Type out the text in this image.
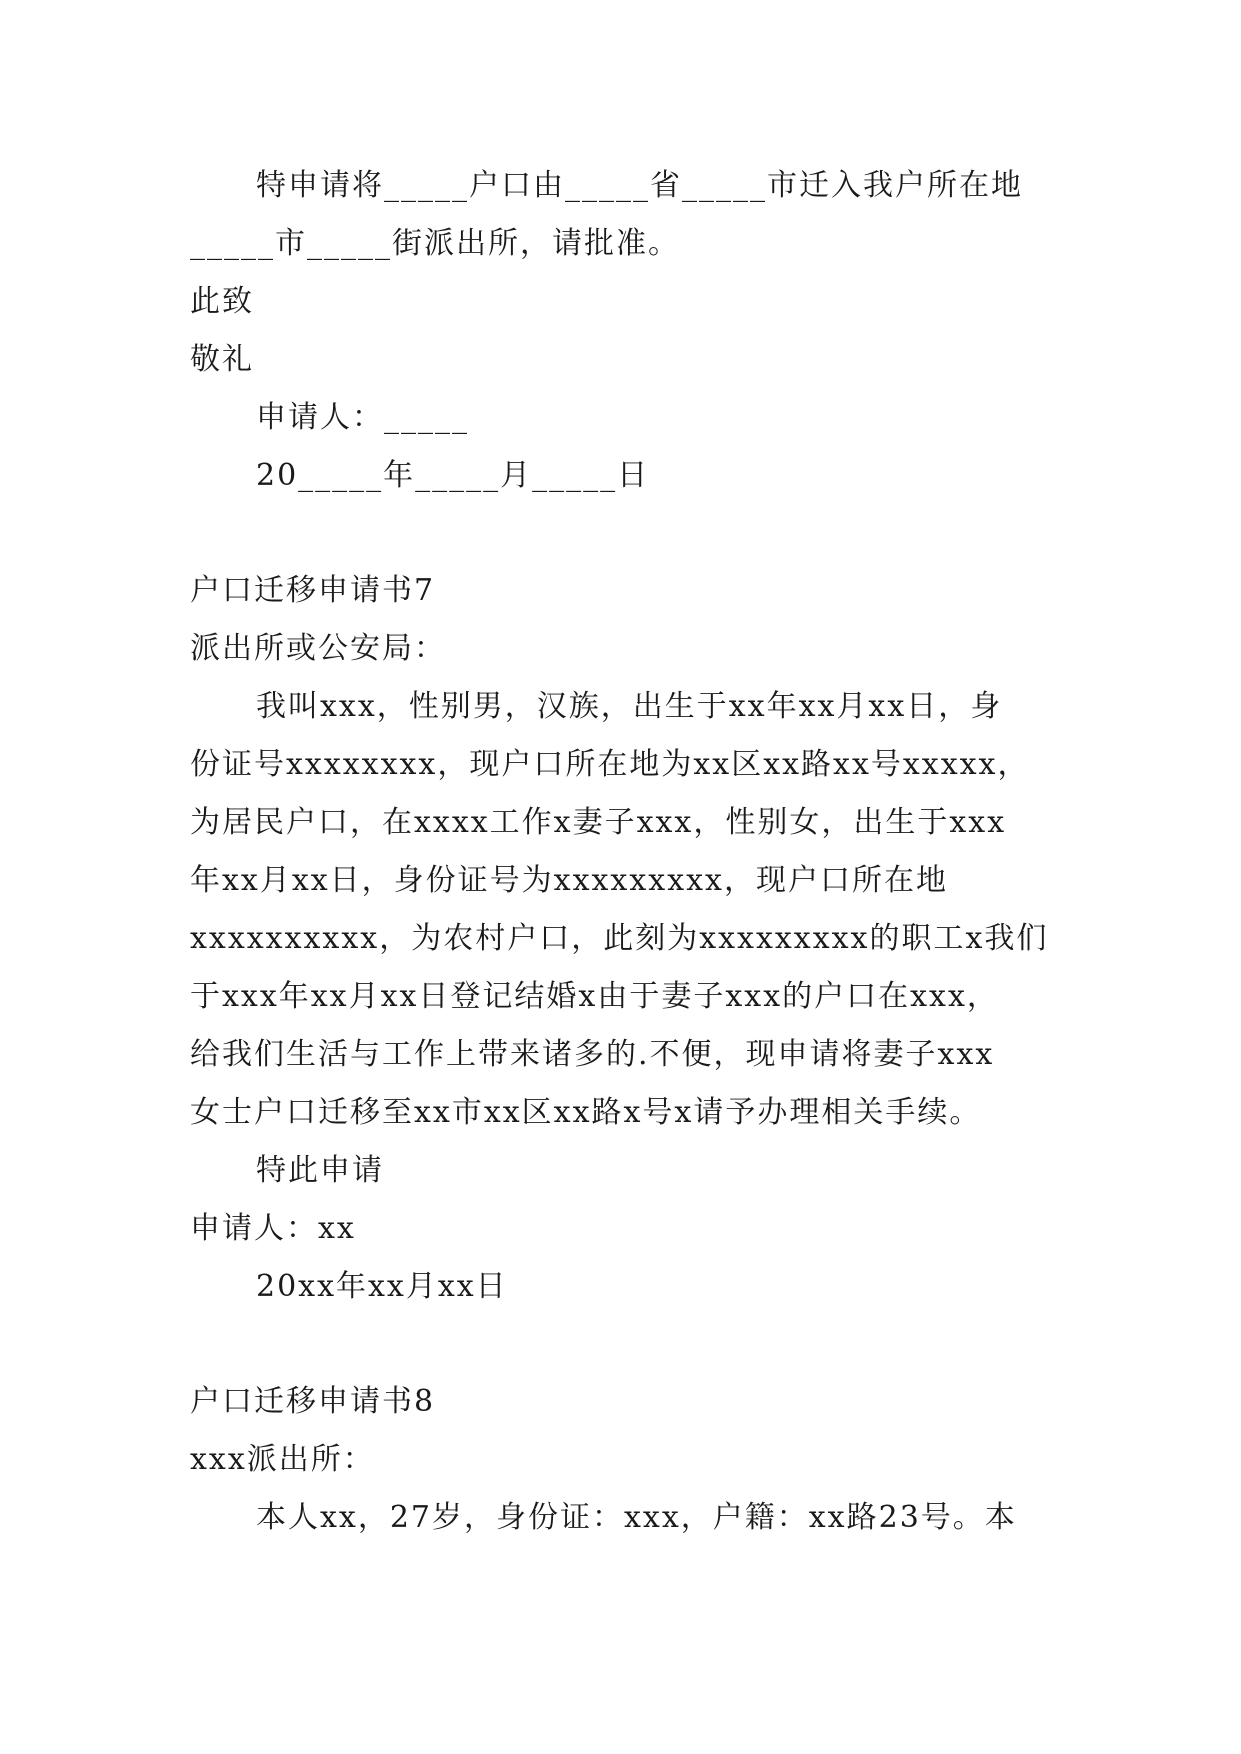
特申请将_____户口由_____省_____市迁入我户所在地
_____市_____街派出所，请批准。
此致
敬礼
申请人：_____
20_____年_____月_____日
户口迁移申请书7
派出所或公安局：
我叫xxx，性别男，汉族，出生于xx年xx月xx日，身
份证号xxxxxxxx，现户口所在地为xx区xx路xx号xxxxx，
为居民户口，在xxxx工作x妻子xxx，性别女，出生于xxx
年xx月xx日，身份证号为xxxxxxxxx，现户口所在地
xxxxxxxxxx，为农村户口，此刻为xxxxxxxxx的职工x我们
于xxx年xx月xx日登记结婚x由于妻子xxx的户口在xxx，
给我们生活与工作上带来诸多的.不便，现申请将妻子xxx
女士户口迁移至xx市xx区xx路x号x请予办理相关手续。
特此申请
申请人：xx
20xx年xx月xx日
户口迁移申请书8
xxx派出所：
本人xx，27岁，身份证：xxx，户籍：xx路23号。本
